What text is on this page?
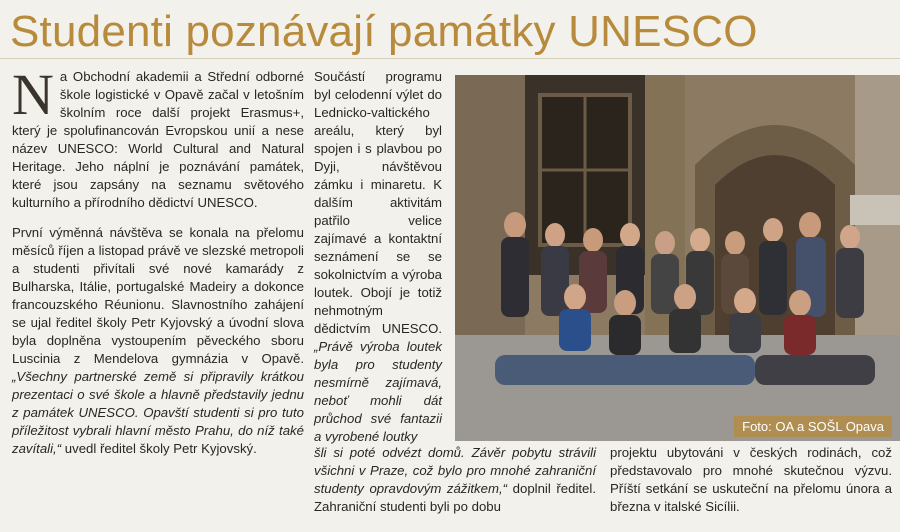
Studenti poznávají památky UNESCO

Na Obchodní akademii a Střední odborné škole logistické v Opavě začal v letošním školním roce další projekt Erasmus+, který je spolufinancován Evropskou unií a nese název UNESCO: World Cultural and Natural Heritage. Jeho náplní je poznávání památek, které jsou zapsány na seznamu světového kulturního a přírodního dědictví UNESCO.

První výměnná návštěva se konala na přelomu měsíců říjen a listopad právě ve slezské metropoli a studenti přivítali své nové kamarády z Bulharska, Itálie, portugalské Madeiry a dokonce francouzského Réunionu. Slavnostního zahájení se ujal ředitel školy Petr Kyjovský a úvodní slova byla doplněna vystoupením pěveckého sboru Luscinia z Mendelova gymnázia v Opavě. „Všechny partnerské země si připravily krátkou prezentaci o své škole a hlavně představily jednu z památek UNESCO. Opavští studenti si pro tuto příležitost vybrali hlavní město Prahu, do níž také zavítali,“ uvedl ředitel školy Petr Kyjovský.

Součástí programu byl celodenní výlet do Lednicko-valtického areálu, který byl spojen i s plavbou po Dyji, návštěvou zámku i minaretu. K dalším aktivitám patřilo velice zajímavé a kontaktní seznámení se se sokolnictvím a výroba loutek. Obojí je totiž nehmotným dědictvím UNESCO. „Právě výroba loutek byla pro studenty nesmírně zajímavá, neboť mohli dát průchod své fantazii a vyrobené loutky

šli si poté odvézt domů. Závěr pobytu strávili všichni v Praze, což bylo pro mnohé zahraniční studenty opravdovým zážitkem,“ doplnil ředitel. Zahraniční studenti byli po dobu

projektu ubytováni v českých rodinách, což představovalo pro mnohé skutečnou výzvu. Příští setkání se uskuteční na přelomu února a března v italské Sicílii.

Foto: OA a SOŠL Opava
